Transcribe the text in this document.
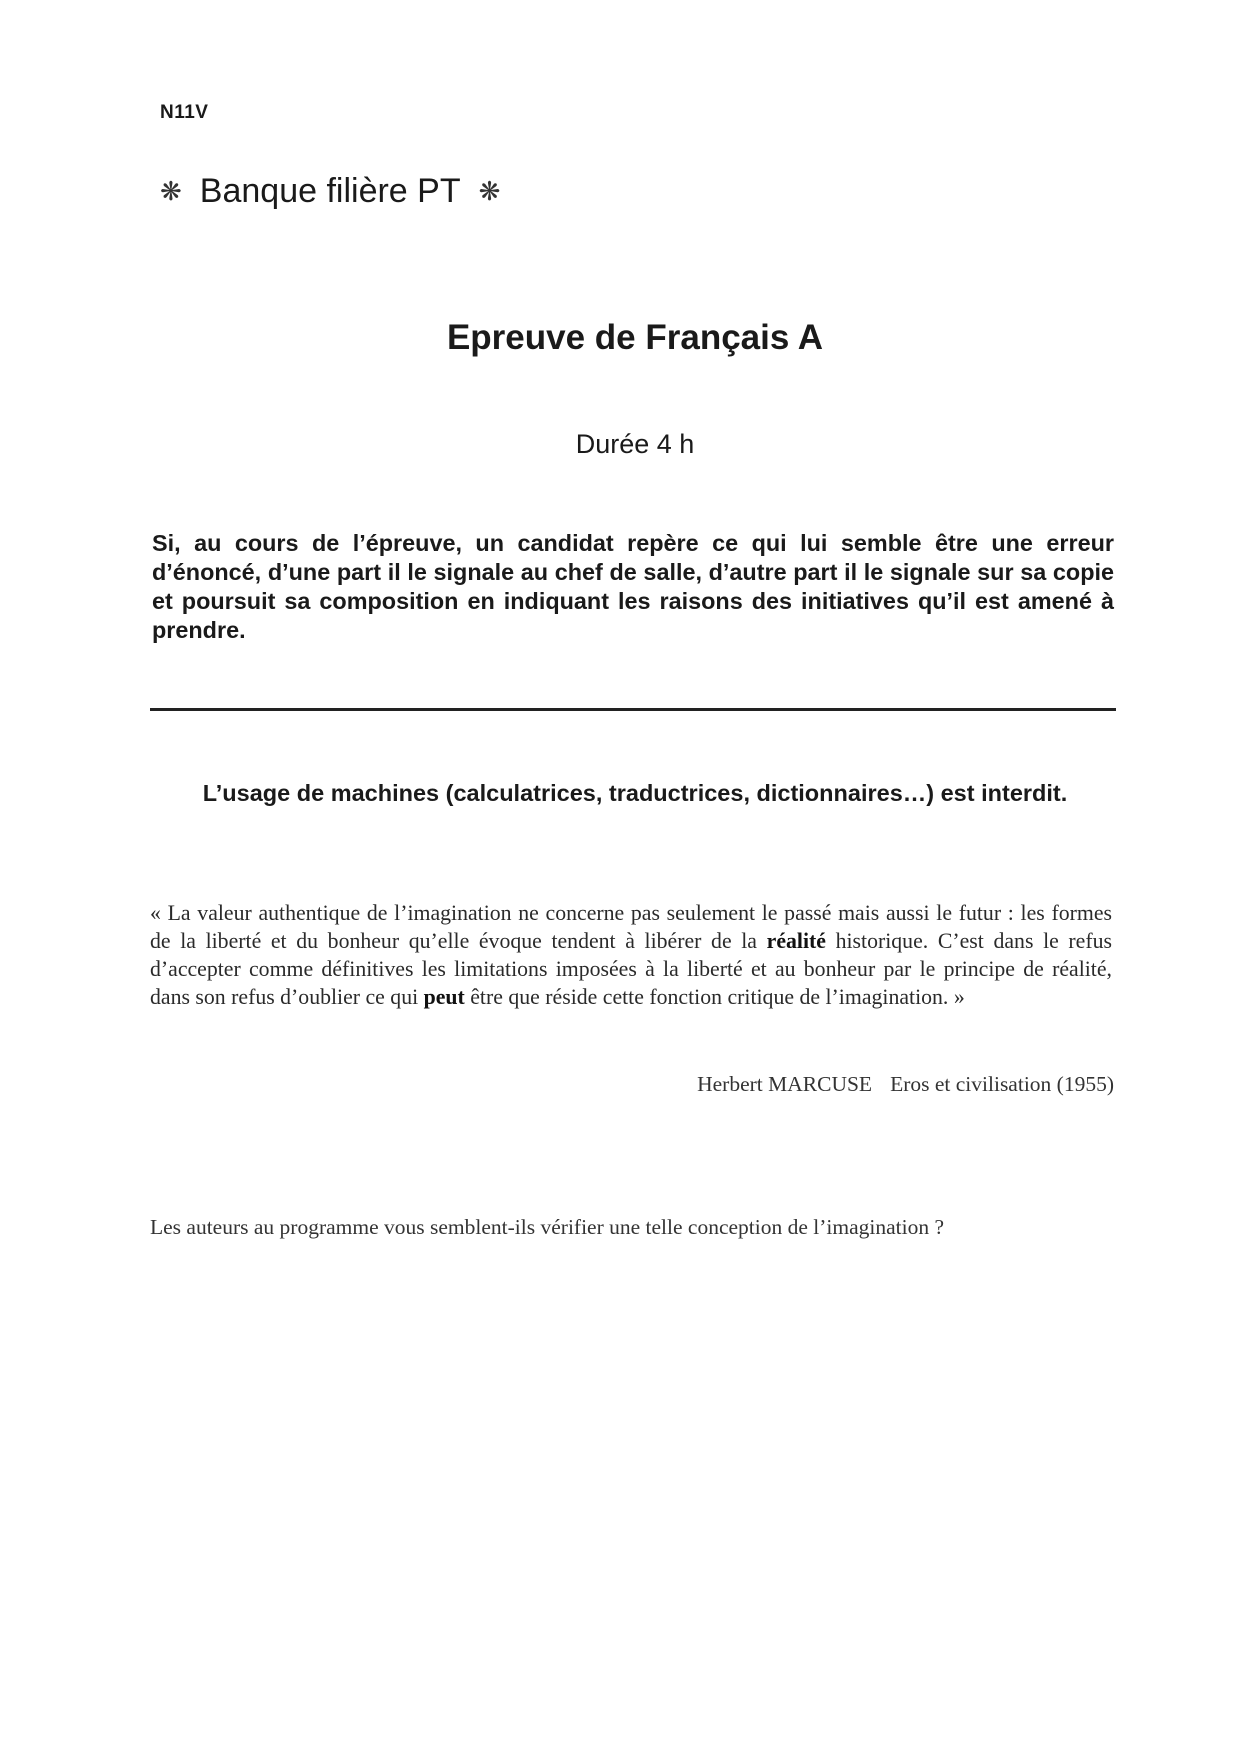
N11V
❋ Banque filière PT ❋
Epreuve de Français A
Durée 4 h
Si, au cours de l’épreuve, un candidat repère ce qui lui semble être une erreur d’énoncé, d’une part il le signale au chef de salle, d’autre part il le signale sur sa copie et poursuit sa composition en indiquant les raisons des initiatives qu’il est amené à prendre.
L’usage de machines (calculatrices, traductrices, dictionnaires…) est interdit.
« La valeur authentique de l’imagination ne concerne pas seulement le passé mais aussi le futur : les formes de la liberté et du bonheur qu’elle évoque tendent à libérer de la réalité historique. C’est dans le refus d’accepter comme définitives les limitations imposées à la liberté et au bonheur par le principe de réalité, dans son refus d’oublier ce qui peut être que réside cette fonction critique de l’imagination. »
Herbert MARCUSE Eros et civilisation (1955)
Les auteurs au programme vous semblent-ils vérifier une telle conception de l’imagination ?
